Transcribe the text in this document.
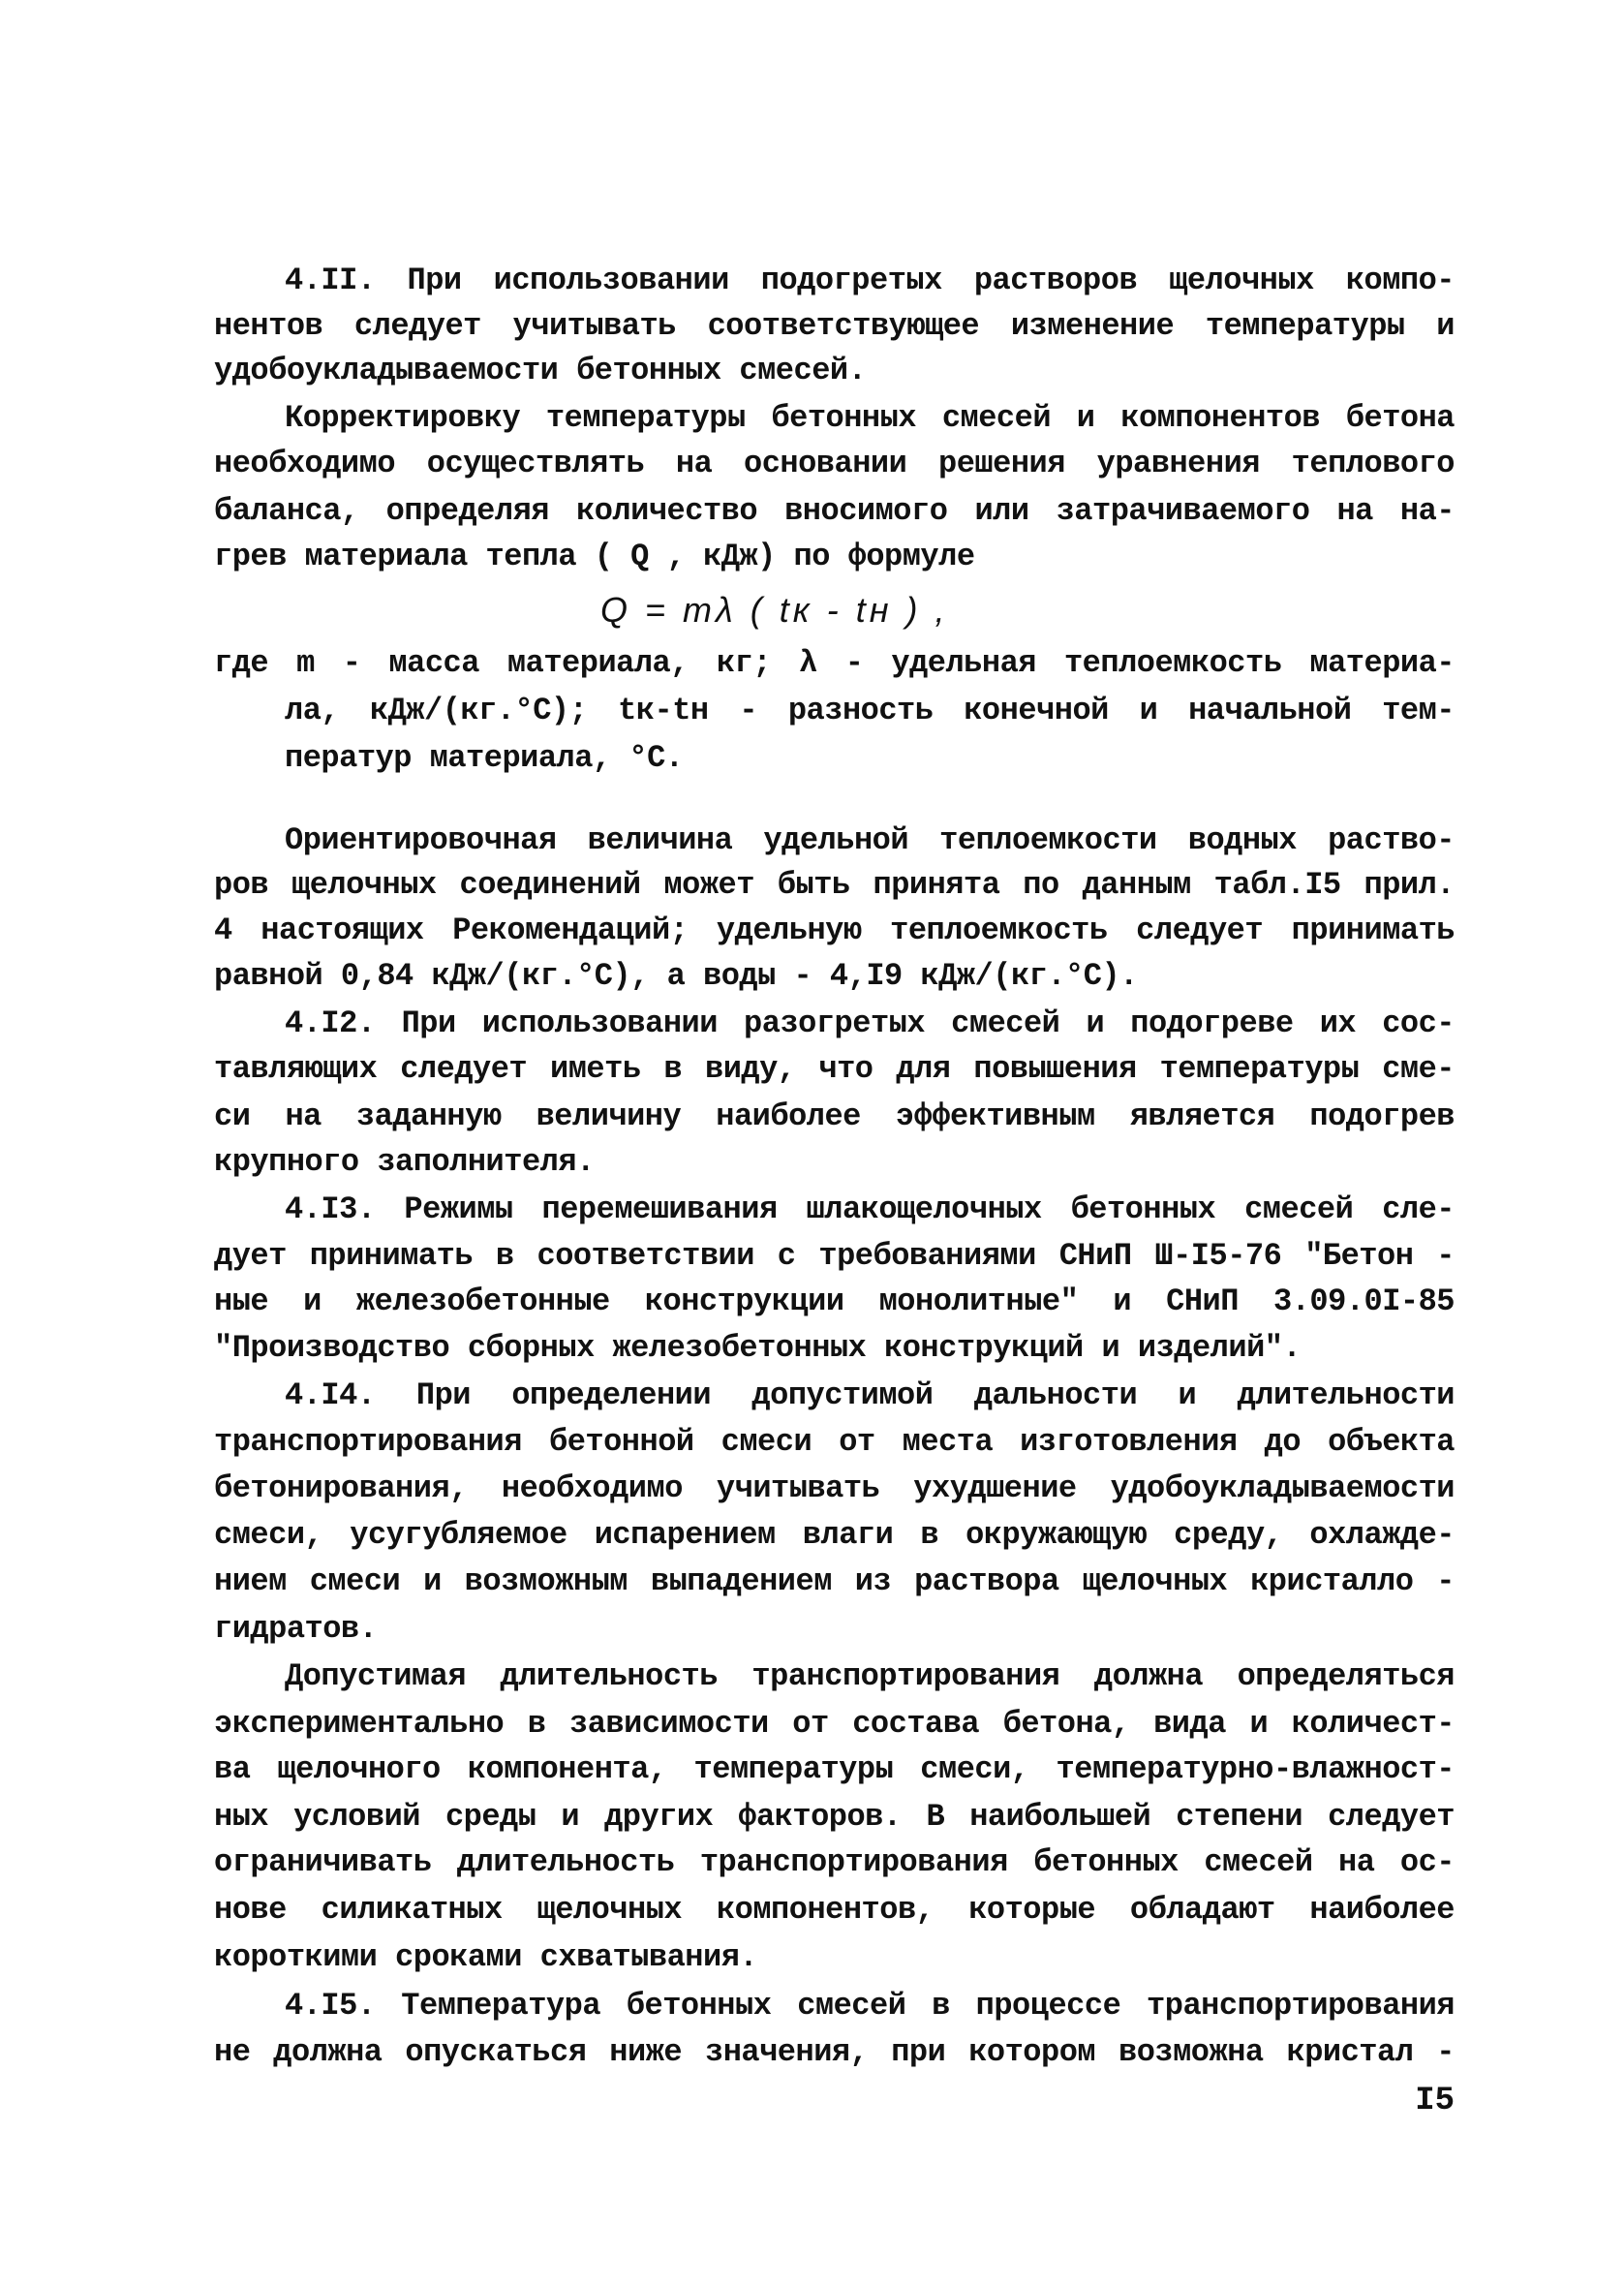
4.II. При использовании подогретых растворов щелочных компо-
нентов следует учитывать соответствующее изменение температуры и
удобоукладываемости бетонных смесей.
Корректировку температуры бетонных смесей и компонентов бетона
необходимо осуществлять на основании решения уравнения теплового
баланса, определяя количество вносимого или затрачиваемого на на-
грев материала тепла ( Q , кДж) по формуле
Q = mλ ( tк - tн ) ,
где m - масса материала, кг; λ - удельная теплоемкость материа-
ла, кДж/(кг.°С); tк-tн - разность конечной и начальной тем-
ператур материала, °С.
Ориентировочная величина удельной теплоемкости водных раство-
ров щелочных соединений может быть принята по данным табл.I5 прил.
4 настоящих Рекомендаций; удельную теплоемкость следует принимать
равной 0,84 кДж/(кг.°С), а воды - 4,I9 кДж/(кг.°С).
4.I2. При использовании разогретых смесей и подогреве их сос-
тавляющих следует иметь в виду, что для повышения температуры сме-
си на заданную величину наиболее эффективным является подогрев
крупного заполнителя.
4.I3. Режимы перемешивания шлакощелочных бетонных смесей сле-
дует принимать в соответствии с требованиями СНиП Ш-I5-76 "Бетон -
ные и железобетонные конструкции монолитные" и СНиП 3.09.0I-85
"Производство сборных железобетонных конструкций и изделий".
4.I4. При определении допустимой дальности и длительности
транспортирования бетонной смеси от места изготовления до объекта
бетонирования, необходимо учитывать ухудшение удобоукладываемости
смеси, усугубляемое испарением влаги в окружающую среду, охлажде-
нием смеси и возможным выпадением из раствора щелочных кристалло -
гидратов.
Допустимая длительность транспортирования должна определяться
экспериментально в зависимости от состава бетона, вида и количест-
ва щелочного компонента, температуры смеси, температурно-влажност-
ных условий среды и других факторов. В наибольшей степени следует
ограничивать длительность транспортирования бетонных смесей на ос-
нове силикатных щелочных компонентов, которые обладают наиболее
короткими сроками схватывания.
4.I5. Температура бетонных смесей в процессе транспортирования
не должна опускаться ниже значения, при котором возможна кристал -
I5
